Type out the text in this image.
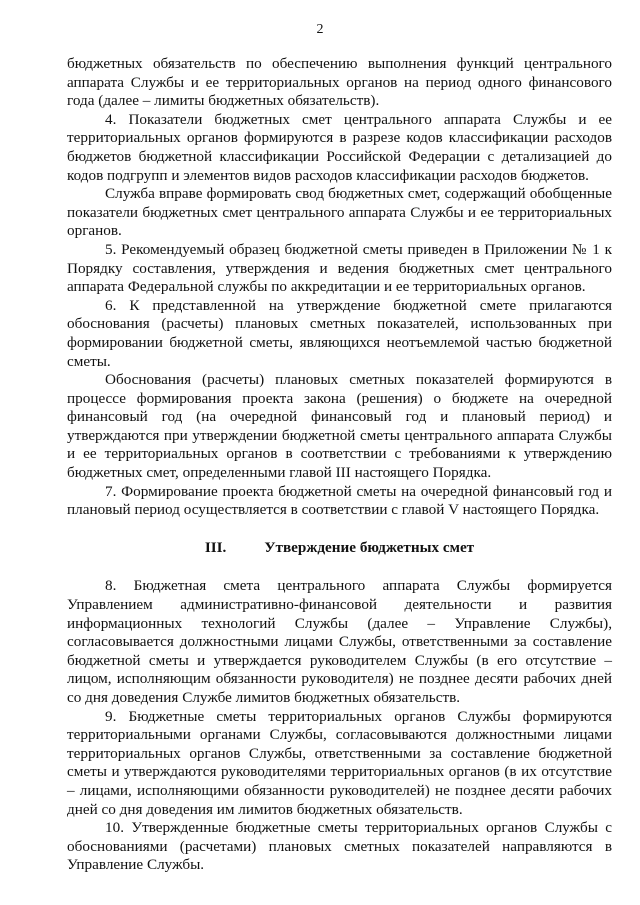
2

бюджетных обязательств по обеспечению выполнения функций центрального аппарата Службы и ее территориальных органов на период одного финансового года (далее – лимиты бюджетных обязательств).

4. Показатели бюджетных смет центрального аппарата Службы и ее территориальных органов формируются в разрезе кодов классификации расходов бюджетов бюджетной классификации Российской Федерации с детализацией до кодов подгрупп и элементов видов расходов классификации расходов бюджетов.

Служба вправе формировать свод бюджетных смет, содержащий обобщенные показатели бюджетных смет центрального аппарата Службы и ее территориальных органов.

5. Рекомендуемый образец бюджетной сметы приведен в Приложении № 1 к Порядку составления, утверждения и ведения бюджетных смет центрального аппарата Федеральной службы по аккредитации и ее территориальных органов.

6. К представленной на утверждение бюджетной смете прилагаются обоснования (расчеты) плановых сметных показателей, использованных при формировании бюджетной сметы, являющихся неотъемлемой частью бюджетной сметы.

Обоснования (расчеты) плановых сметных показателей формируются в процессе формирования проекта закона (решения) о бюджете на очередной финансовый год (на очередной финансовый год и плановый период) и утверждаются при утверждении бюджетной сметы центрального аппарата Службы и ее территориальных органов в соответствии с требованиями к утверждению бюджетных смет, определенными главой III настоящего Порядка.

7. Формирование проекта бюджетной сметы на очередной финансовый год и плановый период осуществляется в соответствии с главой V настоящего Порядка.

III.	Утверждение бюджетных смет

8. Бюджетная смета центрального аппарата Службы формируется Управлением административно-финансовой деятельности и развития информационных технологий Службы (далее – Управление Службы), согласовывается должностными лицами Службы, ответственными за составление бюджетной сметы и утверждается руководителем Службы (в его отсутствие – лицом, исполняющим обязанности руководителя) не позднее десяти рабочих дней со дня доведения Службе лимитов бюджетных обязательств.

9. Бюджетные сметы территориальных органов Службы формируются территориальными органами Службы, согласовываются должностными лицами территориальных органов Службы, ответственными за составление бюджетной сметы и утверждаются руководителями территориальных органов (в их отсутствие – лицами, исполняющими обязанности руководителей) не позднее десяти рабочих дней со дня доведения им лимитов бюджетных обязательств.

10. Утвержденные бюджетные сметы территориальных органов Службы с обоснованиями (расчетами) плановых сметных показателей направляются в Управление Службы.
